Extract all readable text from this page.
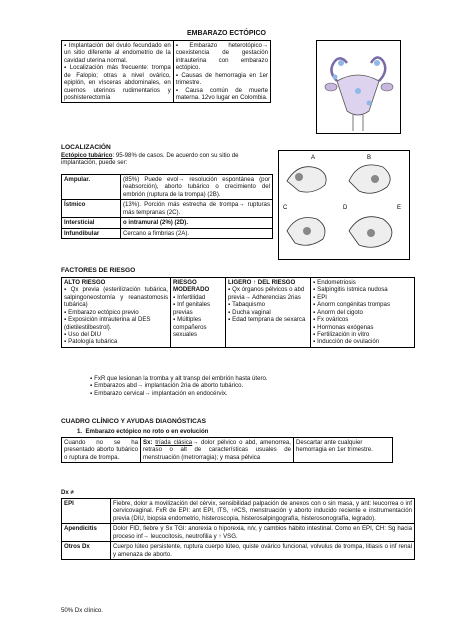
EMBARAZO ECTÓPICO
▪ Implantación del óvulo fecundado en un sitio diferente al endometrio de la cavidad uterina normal.
▪ Localización más frecuente: trompa de Falopio; otras a nivel ovárico, epiplón, en vísceras abdominales, en cuernos uterinos rudimentarios y poshisterectomía

▪ Embarazo heterotópico→ coexistencia de gestación intrauterina con embarazo ectópico.
▪ Causas de hemorragia en 1er trimestre.
▪ Causa común de muerte materna. 12vo lugar en Colombia.
LOCALIZACIÓN
Ectópico tubárico: 95-98% de casos. De acuerdo con su sitio de implantación, puede ser:
Ampular.	(85%) Puede evol→ resolución espontánea (por reabsorción), aborto tubárico o crecimiento del embrión (ruptura de la trompa) (2B).
Ístmico	(13%). Porción más estrecha de trompa→ rupturas más tempranas (2C).
Intersticial	o intramural (2%) (2D).
Infundibular	Cercano a fimbrias (2A).
A	B
C	D	E
FACTORES DE RIESGO
ALTO RIESGO
▪ Qx previa (esterilización tubárica, salpingoneostomía y reanastomosis tubárica)
▪ Embarazo ectópico previo
▪ Exposición intrauterina al DES (dietilestilbestrol).
▪ Uso del DIU
▪ Patología tubárica

RIESGO MODERADO
▪ Infertilidad
▪ Inf genitales previas
▪ Múltiples compañeros sexuales

LIGERO ↑ DEL RIESGO
▪ Qx órganos pélvicos o abd previa→ Adherencias 2rias
▪ Tabaquismo
▪ Ducha vaginal
▪ Edad temprana de sexarca

▪ Endometriosis
▪ Salpingitis ístmica nudosa
▪ EPI
▪ Anorm congénitas trompas
▪ Anorm del cigoto
▪ Fx ováricos
▪ Hormonas exógenas
▪ Fertilización in vitro
▪ Inducción de ovulación
▪ FxR que lesionan la tromba y alt transp del embrión hasta útero.
▪ Embarazos abd→ implantación 2ria de aborto tubárico.
▪ Embarazo cervical→ implantación en endocérvix.
CUADRO CLÍNICO Y AYUDAS DIAGNÓSTICAS
1. Embarazo ectópico no roto o en evolución
Cuando no se ha presentado aborto tubárico o ruptura de trompa.	Sx: tríada clásica→ dolor pélvico o abd, amenorrea, retraso o alt de características usuales de menstruación (metrorragia); y masa pélvica	Descartar ante cualquier hemorragia en 1er trimestre.
Dx ≠
EPI	Fiebre, dolor a movilización del cérvix, sensibilidad palpación de anexos con o sin masa, y ant: leucorrea o inf cervicovaginal. FxR de EPI: ant EPI, ITS, ↑#CS, menstruación y aborto inducido reciente e instrumentación previa (DIU, biopsia endometrio, histeroscopia, histerosalpingografía, histerosonografía, legrado).
Apendicitis	Dolor FID, fiebre y Sx TGI: anorexia o hiporexia, n/v, y cambios hábito intestinal. Como en EPI, CH: Sg hacia proceso inf→ leucocitosis, neutrofilia y ↑ VSG.
Otros Dx	Cuerpo lúteo persistente, ruptura cuerpo lúteo, quiste ovárico funcional, volvulus de trompa, litiasis o inf renal y amenaza de aborto.
50% Dx clínico.
